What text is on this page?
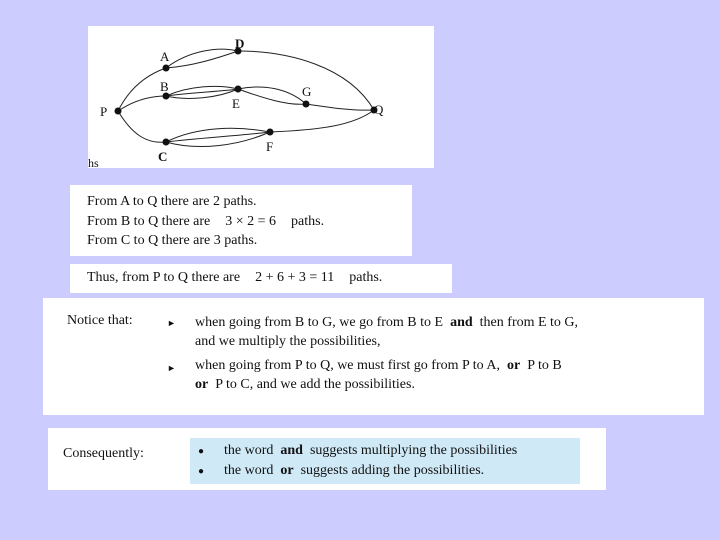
P
A
B
C
D
E
G
F
Q
hs
From A to Q there are 2 paths.
From B to Q there are 3 × 2 = 6 paths.
From C to Q there are 3 paths.
Thus, from P to Q there are 2 + 6 + 3 = 11 paths.
Notice that:	► when going from B to G, we go from B to E and then from E to G,
and we multiply the possibilities,
► when going from P to Q, we must first go from P to A, or P to B
or P to C, and we add the possibilities.
Consequently:	● the word and suggests multiplying the possibilities
● the word or suggests adding the possibilities.
